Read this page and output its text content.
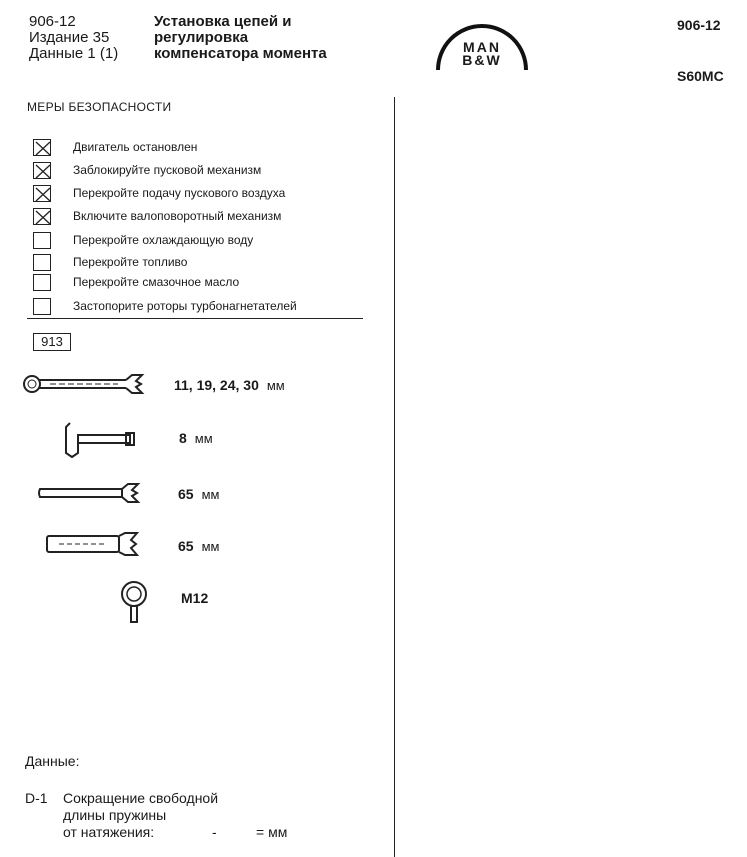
906-12
Издание 35
Данные 1 (1)
Установка цепей и
регулировка
компенсатора момента	MAN
B&W
906-12
S60MC
МЕРЫ БЕЗОПАСНОСТИ
Двигатель остановлен
Заблокируйте пусковой механизм
Перекройте подачу пускового воздуха
Включите валоповоротный механизм
Перекройте охлаждающую воду
Перекройте топливо
Перекройте смазочное масло
Застопорите роторы турбонагнетателей
913
11, 19, 24, 30 мм
8 мм
65 мм
65 мм
M12
Данные:
D-1 Сокращение свободной
длины пружины
от натяжения:	-	= мм
